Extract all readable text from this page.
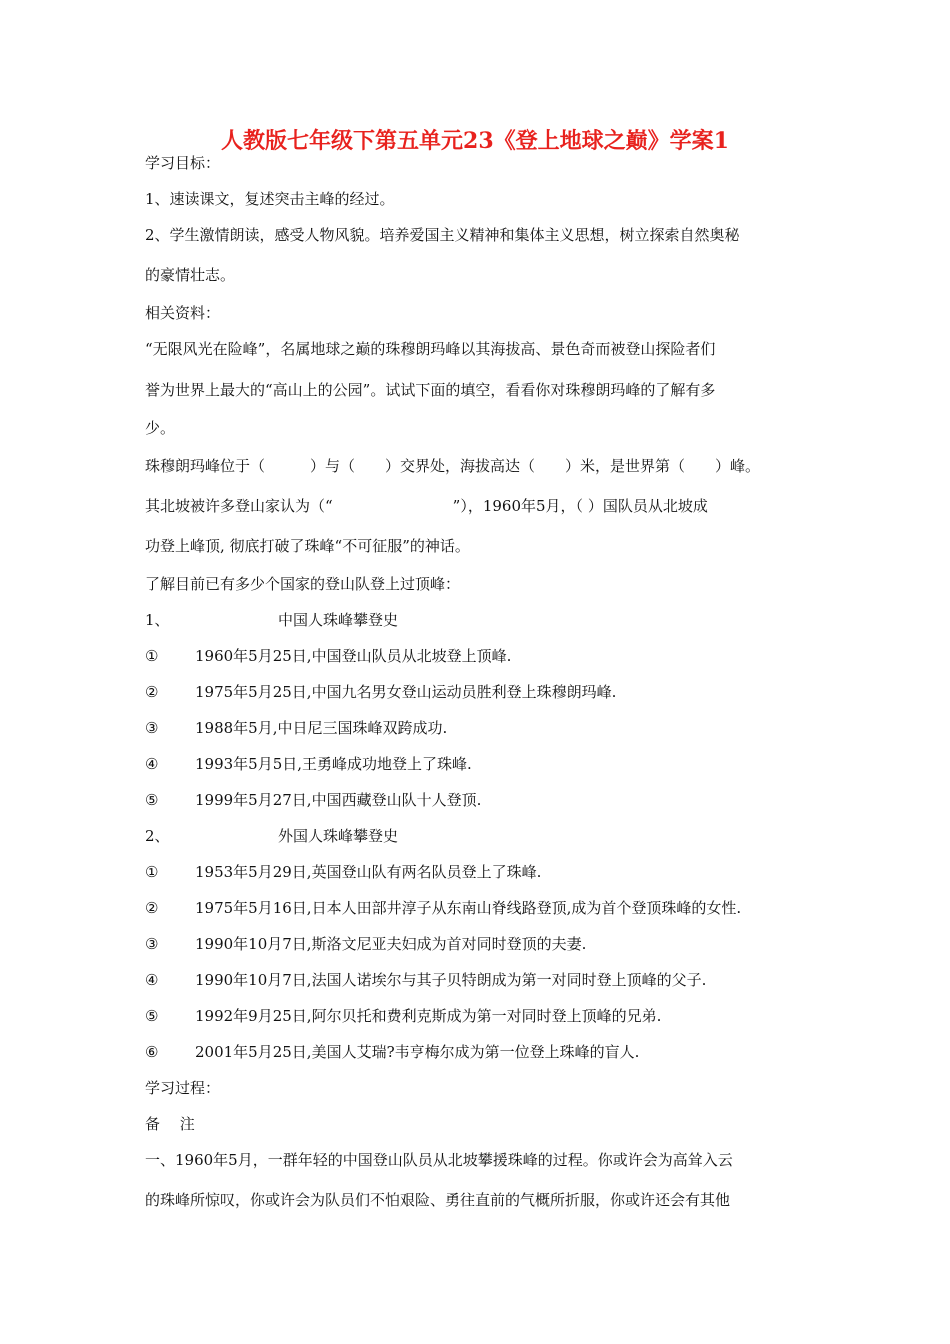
人教版七年级下第五单元23《登上地球之巅》学案1
学习目标：
1、速读课文，复述突击主峰的经过。
2、学生激情朗读，感受人物风貌。培养爱国主义精神和集体主义思想，树立探索自然奥秘
的豪情壮志。
相关资料：
“无限风光在险峰”，名属地球之巅的珠穆朗玛峰以其海拔高、景色奇而被登山探险者们
誉为世界上最大的“高山上的公园”。试试下面的填空，看看你对珠穆朗玛峰的了解有多
少。
珠穆朗玛峰位于（　　　）与（　　）交界处，海拔高达（　　）米，是世界第（　　）峰。
其北坡被许多登山家认为（“　　　　　　　　”），1960年5月，（ ）国队员从北坡成
功登上峰顶, 彻底打破了珠峰“不可征服”的神话。
了解目前已有多少个国家的登山队登上过顶峰：
1、	中国人珠峰攀登史
① 1960年5月25日,中国登山队员从北坡登上顶峰.
② 1975年5月25日,中国九名男女登山运动员胜利登上珠穆朗玛峰.
③ 1988年5月,中日尼三国珠峰双跨成功.
④ 1993年5月5日,王勇峰成功地登上了珠峰.
⑤ 1999年5月27日,中国西藏登山队十人登顶.
2、	外国人珠峰攀登史
① 1953年5月29日,英国登山队有两名队员登上了珠峰.
② 1975年5月16日,日本人田部井淳子从东南山脊线路登顶,成为首个登顶珠峰的女性.
③ 1990年10月7日,斯洛文尼亚夫妇成为首对同时登顶的夫妻.
④ 1990年10月7日,法国人诺埃尔与其子贝特朗成为第一对同时登上顶峰的父子.
⑤ 1992年9月25日,阿尔贝托和费利克斯成为第一对同时登上顶峰的兄弟.
⑥ 2001年5月25日,美国人艾瑞?韦亨梅尔成为第一位登上珠峰的盲人.
学习过程：
备　 注
一、1960年5月，一群年轻的中国登山队员从北坡攀援珠峰的过程。你或许会为高耸入云
的珠峰所惊叹，你或许会为队员们不怕艰险、勇往直前的气概所折服，你或许还会有其他
